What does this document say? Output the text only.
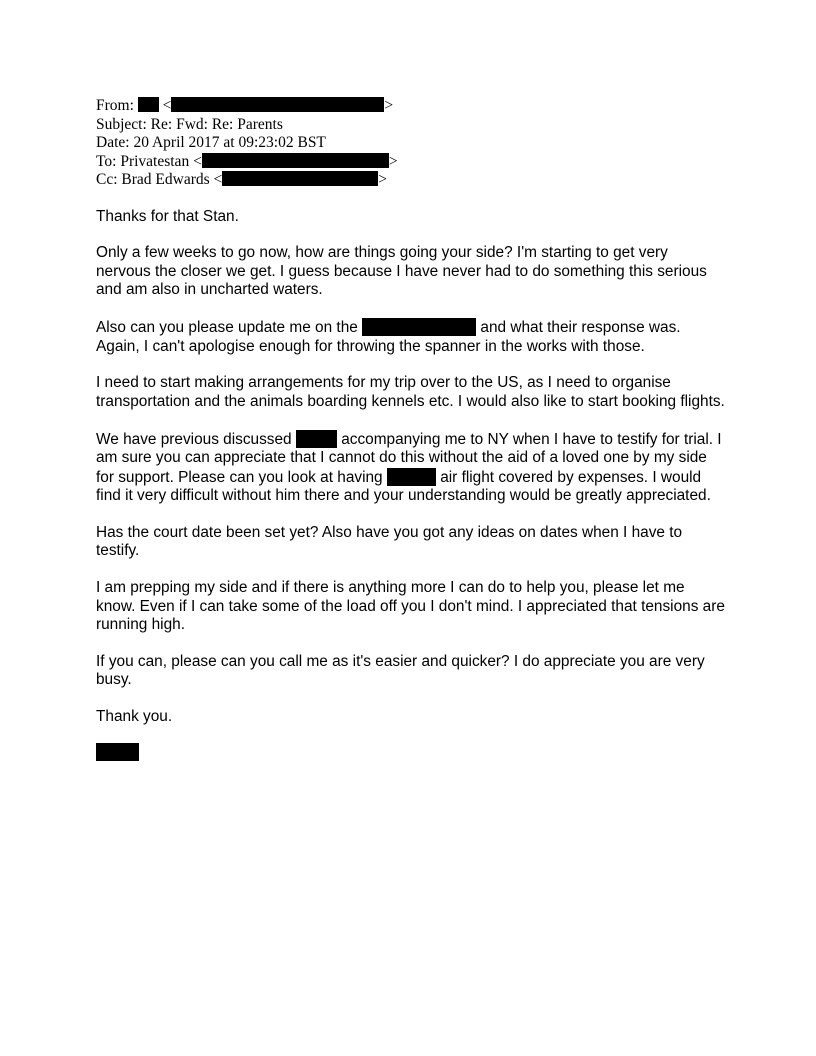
From: <	>
Subject: Re: Fwd: Re: Parents
Date: 20 April 2017 at 09:23:02 BST
To: Privatestan <	>
Cc: Brad Edwards <	>

Thanks for that Stan.

Only a few weeks to go now, how are things going your side? I'm starting to get very nervous the closer we get. I guess because I have never had to do something this serious and am also in uncharted waters.

Also can you please update me on the	and what their response was. Again, I can't apologise enough for throwing the spanner in the works with those.

I need to start making arrangements for my trip over to the US, as I need to organise transportation and the animals boarding kennels etc. I would also like to start booking flights.

We have previous discussed	accompanying me to NY when I have to testify for trial. I am sure you can appreciate that I cannot do this without the aid of a loved one by my side for support. Please can you look at having	air flight covered by expenses. I would find it very difficult without him there and your understanding would be greatly appreciated.

Has the court date been set yet? Also have you got any ideas on dates when I have to testify.

I am prepping my side and if there is anything more I can do to help you, please let me know. Even if I can take some of the load off you I don't mind. I appreciated that tensions are running high.

If you can, please can you call me as it's easier and quicker? I do appreciate you are very busy.

Thank you.
